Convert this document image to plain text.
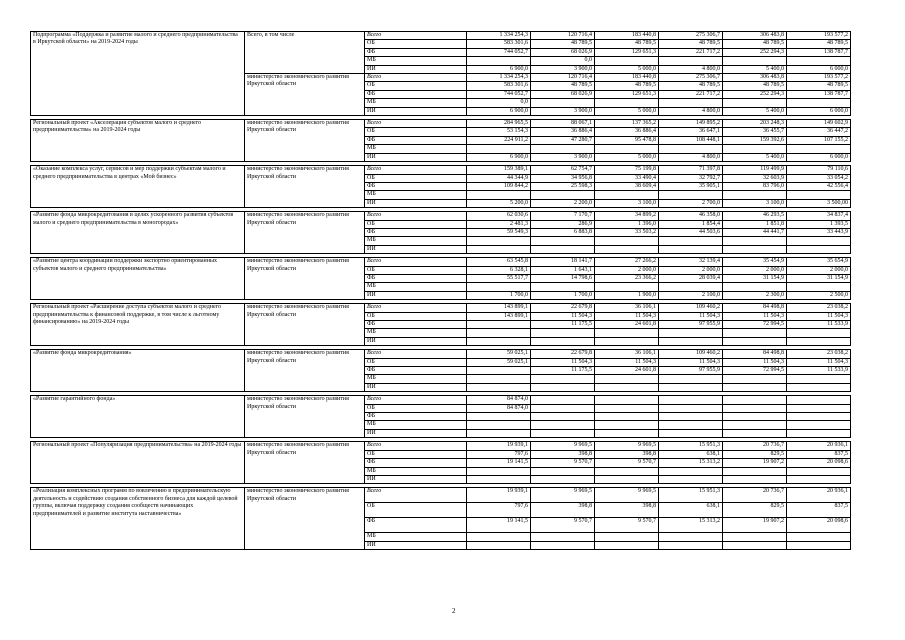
Подпрограмма «Поддержка и развитие малого и среднего предпринимательства в Иркутской области» на 2019-2024 годы	Всего, в том числе	Всего	1 334 254,3	120 716,4	183 440,8	275 306,7	306 483,8	193 577,2
		ОБ	583 301,6	48 789,5	48 789,5	48 789,5	48 789,5	48 789,5
		ФБ	744 052,7	68 026,9	129 651,3	221 717,2	252 294,3	138 787,7
		МБ		0,0				
		ИИ	6 900,0	3 900,0	5 000,0	4 800,0	5 400,0	6 000,0
	министерство экономического развития Иркутской области	Всего	1 334 254,3	120 716,4	183 440,8	275 306,7	306 483,8	193 577,2
		ОБ	583 301,6	48 789,5	48 789,5	48 789,5	48 789,5	48 789,5
		ФБ	744 052,7	68 026,9	129 651,3	221 717,2	252 294,3	138 787,7
		МБ	0,0					
		ИИ	6 900,0	3 900,0	5 000,0	4 800,0	5 400,0	6 000,0

Региональный проект «Акселерация субъектов малого и среднего предпринимательства» на 2019-2024 годы	министерство экономического развития Иркутской области	Всего	284 965,5	88 067,1	137 365,2	149 895,2	203 248,3	149 602,9
		ОБ	53 154,3	36 886,4	36 886,4	36 647,1	36 455,7	36 447,2
		ФБ	224 911,2	47 280,7	95 478,8	108 448,1	159 392,6	107 155,2
		МБ						
		ИИ	6 900,0	3 900,0	5 000,0	4 800,0	5 400,0	6 000,0

«Оказание комплекса услуг, сервисов и мер поддержки субъектам малого и среднего предпринимательства в центрах «Мой бизнес»	министерство экономического развития Иркутской области	Всего	159 389,1	62 754,7	75 199,8	71 397,8	119 499,9	79 110,6
		ОБ	44 344,9	34 956,8	33 490,4	32 792,7	32 603,9	33 054,2
		ФБ	109 844,2	25 598,3	38 609,4	35 905,1	83 796,0	42 556,4
		МБ						
		ИИ	5 200,0	2 200,0	3 100,0	2 700,0	3 100,0	3 500,00

«Развитие фонда микрокредитования в целях ускоренного развития субъектов малого и среднего предпринимательства в моногородах»	министерство экономического развития Иркутской области	Всего	62 030,6	7 170,7	34 899,2	46 358,0	46 293,5	34 837,4
		ОБ	2 481,3	286,9	1 396,0	1 854,4	1 851,8	1 393,5
		ФБ	59 549,3	6 883,8	33 503,2	44 503,6	44 441,7	33 443,9
		МБ						
		ИИ						

«Развитие центра координации поддержки экспортно ориентированных субъектов малого и среднего предпринимательства»	министерство экономического развития Иркутской области	Всего	63 545,8	18 141,7	27 266,2	32 139,4	35 454,9	35 654,9
		ОБ	6 328,1	1 643,1	2 000,0	2 000,0	2 000,0	2 000,0
		ФБ	55 517,7	14 798,6	23 366,2	28 039,4	31 154,9	31 154,9
		МБ						
		ИИ	1 700,0	1 700,0	1 900,0	2 100,0	2 300,0	2 500,0

Региональный проект «Расширение доступа субъектов малого и среднего предпринимательства к финансовой поддержке, в том числе к льготному финансированию» на 2019-2024 годы	министерство экономического развития Иркутской области	Всего	143 899,1	22 679,8	36 106,1	109 460,2	84 498,8	23 038,2
		ОБ	143 899,1	11 504,3	11 504,3	11 504,3	11 504,3	11 504,3
		ФБ		11 175,5	24 601,8	97 955,9	72 994,5	11 533,9
		МБ						
		ИИ						

«Развитие фонда микрокредитования»	министерство экономического развития Иркутской области	Всего	59 025,1	22 679,8	36 106,1	109 460,2	84 498,8	23 038,2
		ОБ	59 025,1	11 504,3	11 504,3	11 504,3	11 504,3	11 504,3
		ФБ		11 175,5	24 601,8	97 955,9	72 994,5	11 533,9
		МБ						
		ИИ						

«Развитие гарантийного фонда»	министерство экономического развития Иркутской области	Всего	84 874,0					
		ОБ	84 874,0					
		ФБ						
		МБ						
		ИИ						

Региональный проект «Популяризация предпринимательства» на 2019-2024 годы	министерство экономического развития Иркутской области	Всего	19 939,1	9 969,5	9 969,5	15 951,3	20 736,7	20 936,1
		ОБ	797,6	398,8	398,8	638,1	829,5	837,5
		ФБ	19 141,5	9 570,7	9 570,7	15 313,2	19 907,2	20 098,6
		МБ						
		ИИ						

«Реализация комплексных программ по вовлечению в предпринимательскую деятельность и содействию создания собственного бизнеса для каждой целевой группы, включая поддержку создания сообществ начинающих предпринимателей и развитие института наставничества»	министерство экономического развития Иркутской области	Всего	19 939,1	9 969,5	9 969,5	15 951,3	20 736,7	20 936,1
		ОБ	797,6	398,8	398,8	638,1	829,5	837,5
		ФБ	19 141,5	9 570,7	9 570,7	15 313,2	19 907,2	20 098,6
		МБ						
		ИИ						
2
